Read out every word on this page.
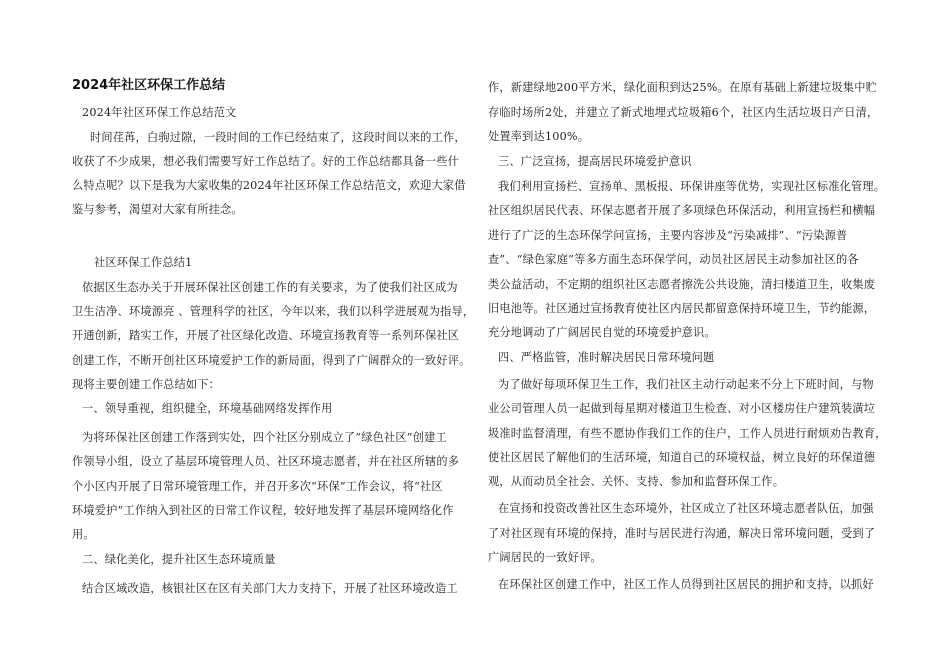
2024年社区环保工作总结

2024年社区环保工作总结范文

时间荏苒，白驹过隙，一段时间的工作已经结束了，这段时间以来的工作，

收获了不少成果，想必我们需要写好工作总结了。好的工作总结都具备一些什

么特点呢？以下是我为大家收集的2024年社区环保工作总结范文，欢迎大家借

鉴与参考，渴望对大家有所挂念。

社区环保工作总结1

依据区生态办关于开展环保社区创建工作的有关要求，为了使我们社区成为

卫生洁净、环境源亮 、管理科学的社区，今年以来，我们以科学进展观为指导，

开通创新，踏实工作，开展了社区绿化改造、环境宣扬教育等一系列环保社区

创建工作，不断开创社区环境爱护工作的新局面，得到了广阔群众的一致好评。

现将主要创建工作总结如下：

一、领导重视，组织健全，环境基础网络发挥作用

为将环保社区创建工作落到实处，四个社区分别成立了“绿色社区”创建工

作领导小组，设立了基层环境管理人员、社区环境志愿者，并在社区所辖的多

个小区内开展了日常环境管理工作，并召开多次“环保”工作会议，将“社区

环境爱护”工作纳入到社区的日常工作议程，较好地发挥了基层环境网络化作

用。

二、绿化美化，提升社区生态环境质量

结合区域改造，核银社区在区有关部门大力支持下，开展了社区环境改造工

作，新建绿地200平方米，绿化面积到达25%。在原有基础上新建垃圾集中贮

存临时场所2处，并建立了新式地埋式垃圾箱6个，社区内生活垃圾日产日清，

处置率到达100%。

三、广泛宣扬，提高居民环境爱护意识

我们利用宣扬栏、宣扬单、黑板报、环保讲座等优势，实现社区标准化管理。

社区组织居民代表、环保志愿者开展了多项绿色环保活动，利用宣扬栏和横幅

进行了广泛的生态环保学问宣扬，主要内容涉及“污染减排”、“污染源普

查”、“绿色家庭”等多方面生态环保学问，动员社区居民主动参加社区的各

类公益活动，不定期的组织社区志愿者擦洗公共设施，清扫楼道卫生，收集废

旧电池等。社区通过宣扬教育使社区内居民都留意保持环境卫生，节约能源，

充分地调动了广阔居民自觉的环境爱护意识。

四、严格监管，准时解决居民日常环境问题

为了做好每项环保卫生工作，我们社区主动行动起来不分上下班时间，与物

业公司管理人员一起做到每星期对楼道卫生检查、对小区楼房住户建筑装潢垃

圾准时监督清理，有些不愿协作我们工作的住户，工作人员进行耐烦劝告教育，

使社区居民了解他们的生活环境，知道自己的环境权益，树立良好的环保道德

观，从而动员全社会、关怀、支持、参加和监督环保工作。

在宣扬和投资改善社区生态环境外，社区成立了社区环境志愿者队伍，加强

了对社区现有环境的保持，准时与居民进行沟通，解决日常环境问题，受到了

广阔居民的一致好评。

在环保社区创建工作中，社区工作人员得到社区居民的拥护和支持，以抓好
